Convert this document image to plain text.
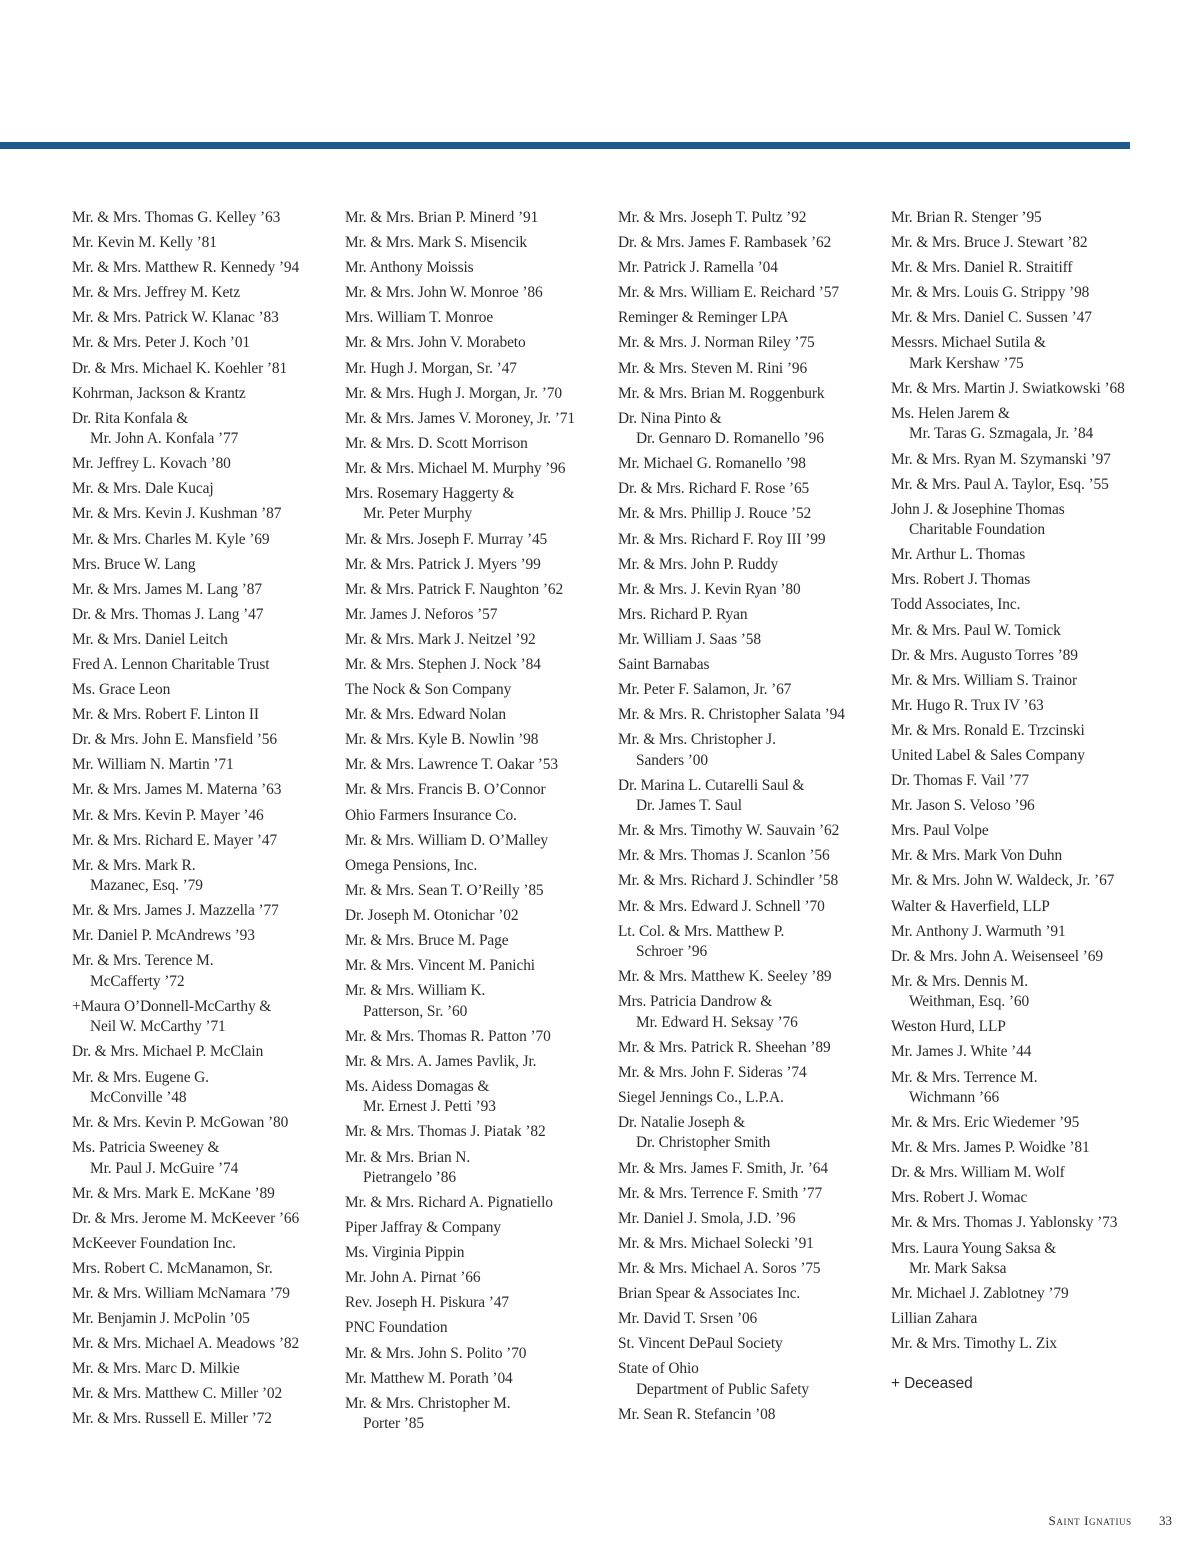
Mr. & Mrs. Thomas G. Kelley ’63
Mr. Kevin M. Kelly ’81
Mr. & Mrs. Matthew R. Kennedy ’94
Mr. & Mrs. Jeffrey M. Ketz
Mr. & Mrs. Patrick W. Klanac ’83
Mr. & Mrs. Peter J. Koch ’01
Dr. & Mrs. Michael K. Koehler ’81
Kohrman, Jackson & Krantz
Dr. Rita Konfala &
Mr. John A. Konfala ’77
Mr. Jeffrey L. Kovach ’80
Mr. & Mrs. Dale Kucaj
Mr. & Mrs. Kevin J. Kushman ’87
Mr. & Mrs. Charles M. Kyle ’69
Mrs. Bruce W. Lang
Mr. & Mrs. James M. Lang ’87
Dr. & Mrs. Thomas J. Lang ’47
Mr. & Mrs. Daniel Leitch
Fred A. Lennon Charitable Trust
Ms. Grace Leon
Mr. & Mrs. Robert F. Linton II
Dr. & Mrs. John E. Mansfield ’56
Mr. William N. Martin ’71
Mr. & Mrs. James M. Materna ’63
Mr. & Mrs. Kevin P. Mayer ’46
Mr. & Mrs. Richard E. Mayer ’47
Mr. & Mrs. Mark R.
Mazanec, Esq. ’79
Mr. & Mrs. James J. Mazzella ’77
Mr. Daniel P. McAndrews ’93
Mr. & Mrs. Terence M.
McCafferty ’72
+Maura O’Donnell-McCarthy &
Neil W. McCarthy ’71
Dr. & Mrs. Michael P. McClain
Mr. & Mrs. Eugene G.
McConville ’48
Mr. & Mrs. Kevin P. McGowan ’80
Ms. Patricia Sweeney &
Mr. Paul J. McGuire ’74
Mr. & Mrs. Mark E. McKane ’89
Dr. & Mrs. Jerome M. McKeever ’66
McKeever Foundation Inc.
Mrs. Robert C. McManamon, Sr.
Mr. & Mrs. William McNamara ’79
Mr. Benjamin J. McPolin ’05
Mr. & Mrs. Michael A. Meadows ’82
Mr. & Mrs. Marc D. Milkie
Mr. & Mrs. Matthew C. Miller ’02
Mr. & Mrs. Russell E. Miller ’72
Mr. & Mrs. Brian P. Minerd ’91
Mr. & Mrs. Mark S. Misencik
Mr. Anthony Moissis
Mr. & Mrs. John W. Monroe ’86
Mrs. William T. Monroe
Mr. & Mrs. John V. Morabeto
Mr. Hugh J. Morgan, Sr. ’47
Mr. & Mrs. Hugh J. Morgan, Jr. ’70
Mr. & Mrs. James V. Moroney, Jr. ’71
Mr. & Mrs. D. Scott Morrison
Mr. & Mrs. Michael M. Murphy ’96
Mrs. Rosemary Haggerty &
Mr. Peter Murphy
Mr. & Mrs. Joseph F. Murray ’45
Mr. & Mrs. Patrick J. Myers ’99
Mr. & Mrs. Patrick F. Naughton ’62
Mr. James J. Neforos ’57
Mr. & Mrs. Mark J. Neitzel ’92
Mr. & Mrs. Stephen J. Nock ’84
The Nock & Son Company
Mr. & Mrs. Edward Nolan
Mr. & Mrs. Kyle B. Nowlin ’98
Mr. & Mrs. Lawrence T. Oakar ’53
Mr. & Mrs. Francis B. O’Connor
Ohio Farmers Insurance Co.
Mr. & Mrs. William D. O’Malley
Omega Pensions, Inc.
Mr. & Mrs. Sean T. O’Reilly ’85
Dr. Joseph M. Otonichar ’02
Mr. & Mrs. Bruce M. Page
Mr. & Mrs. Vincent M. Panichi
Mr. & Mrs. William K.
Patterson, Sr. ’60
Mr. & Mrs. Thomas R. Patton ’70
Mr. & Mrs. A. James Pavlik, Jr.
Ms. Aidess Domagas &
Mr. Ernest J. Petti ’93
Mr. & Mrs. Thomas J. Piatak ’82
Mr. & Mrs. Brian N.
Pietrangelo ’86
Mr. & Mrs. Richard A. Pignatiello
Piper Jaffray & Company
Ms. Virginia Pippin
Mr. John A. Pirnat ’66
Rev. Joseph H. Piskura ’47
PNC Foundation
Mr. & Mrs. John S. Polito ’70
Mr. Matthew M. Porath ’04
Mr. & Mrs. Christopher M.
Porter ’85
Mr. & Mrs. Joseph T. Pultz ’92
Dr. & Mrs. James F. Rambasek ’62
Mr. Patrick J. Ramella ’04
Mr. & Mrs. William E. Reichard ’57
Reminger & Reminger LPA
Mr. & Mrs. J. Norman Riley ’75
Mr. & Mrs. Steven M. Rini ’96
Mr. & Mrs. Brian M. Roggenburk
Dr. Nina Pinto &
Dr. Gennaro D. Romanello ’96
Mr. Michael G. Romanello ’98
Dr. & Mrs. Richard F. Rose ’65
Mr. & Mrs. Phillip J. Rouce ’52
Mr. & Mrs. Richard F. Roy III ’99
Mr. & Mrs. John P. Ruddy
Mr. & Mrs. J. Kevin Ryan ’80
Mrs. Richard P. Ryan
Mr. William J. Saas ’58
Saint Barnabas
Mr. Peter F. Salamon, Jr. ’67
Mr. & Mrs. R. Christopher Salata ’94
Mr. & Mrs. Christopher J.
Sanders ’00
Dr. Marina L. Cutarelli Saul &
Dr. James T. Saul
Mr. & Mrs. Timothy W. Sauvain ’62
Mr. & Mrs. Thomas J. Scanlon ’56
Mr. & Mrs. Richard J. Schindler ’58
Mr. & Mrs. Edward J. Schnell ’70
Lt. Col. & Mrs. Matthew P.
Schroer ’96
Mr. & Mrs. Matthew K. Seeley ’89
Mrs. Patricia Dandrow &
Mr. Edward H. Seksay ’76
Mr. & Mrs. Patrick R. Sheehan ’89
Mr. & Mrs. John F. Sideras ’74
Siegel Jennings Co., L.P.A.
Dr. Natalie Joseph &
Dr. Christopher Smith
Mr. & Mrs. James F. Smith, Jr. ’64
Mr. & Mrs. Terrence F. Smith ’77
Mr. Daniel J. Smola, J.D. ’96
Mr. & Mrs. Michael Solecki ’91
Mr. & Mrs. Michael A. Soros ’75
Brian Spear & Associates Inc.
Mr. David T. Srsen ’06
St. Vincent DePaul Society
State of Ohio
Department of Public Safety
Mr. Sean R. Stefancin ’08
Mr. Brian R. Stenger ’95
Mr. & Mrs. Bruce J. Stewart ’82
Mr. & Mrs. Daniel R. Straitiff
Mr. & Mrs. Louis G. Strippy ’98
Mr. & Mrs. Daniel C. Sussen ’47
Messrs. Michael Sutila &
Mark Kershaw ’75
Mr. & Mrs. Martin J. Swiatkowski ’68
Ms. Helen Jarem &
Mr. Taras G. Szmagala, Jr. ’84
Mr. & Mrs. Ryan M. Szymanski ’97
Mr. & Mrs. Paul A. Taylor, Esq. ’55
John J. & Josephine Thomas
Charitable Foundation
Mr. Arthur L. Thomas
Mrs. Robert J. Thomas
Todd Associates, Inc.
Mr. & Mrs. Paul W. Tomick
Dr. & Mrs. Augusto Torres ’89
Mr. & Mrs. William S. Trainor
Mr. Hugo R. Trux IV ’63
Mr. & Mrs. Ronald E. Trzcinski
United Label & Sales Company
Dr. Thomas F. Vail ’77
Mr. Jason S. Veloso ’96
Mrs. Paul Volpe
Mr. & Mrs. Mark Von Duhn
Mr. & Mrs. John W. Waldeck, Jr. ’67
Walter & Haverfield, LLP
Mr. Anthony J. Warmuth ’91
Dr. & Mrs. John A. Weisenseel ’69
Mr. & Mrs. Dennis M.
Weithman, Esq. ’60
Weston Hurd, LLP
Mr. James J. White ’44
Mr. & Mrs. Terrence M.
Wichmann ’66
Mr. & Mrs. Eric Wiedemer ’95
Mr. & Mrs. James P. Woidke ’81
Dr. & Mrs. William M. Wolf
Mrs. Robert J. Womac
Mr. & Mrs. Thomas J. Yablonsky ’73
Mrs. Laura Young Saksa &
Mr. Mark Saksa
Mr. Michael J. Zablotney ’79
Lillian Zahara
Mr. & Mrs. Timothy L. Zix
+ Deceased
Saint Ignatius 33
